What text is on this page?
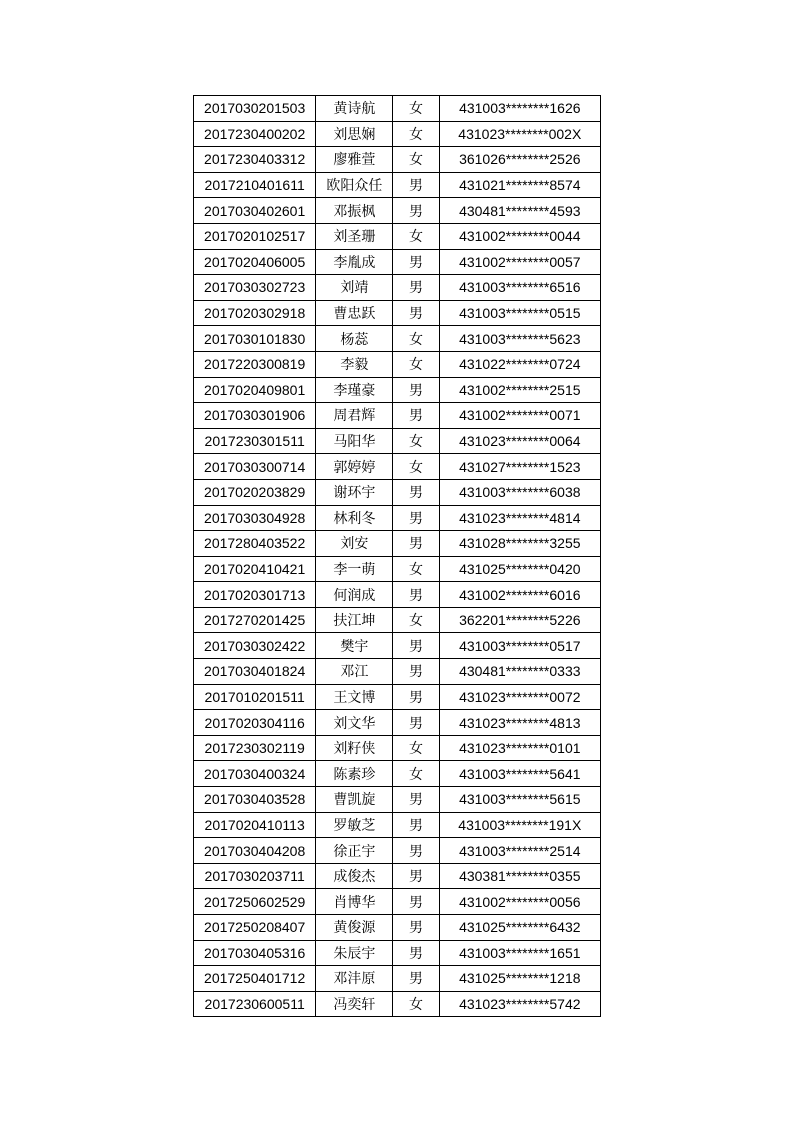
2017030201503	黄诗航	女	431003********1626
2017230400202	刘思娴	女	431023********002X
2017230403312	廖雅萱	女	361026********2526
2017210401611	欧阳众任	男	431021********8574
2017030402601	邓振枫	男	430481********4593
2017020102517	刘圣珊	女	431002********0044
2017020406005	李胤成	男	431002********0057
2017030302723	刘靖	男	431003********6516
2017020302918	曹忠跃	男	431003********0515
2017030101830	杨蕊	女	431003********5623
2017220300819	李毅	女	431022********0724
2017020409801	李瑾豪	男	431002********2515
2017030301906	周君辉	男	431002********0071
2017230301511	马阳华	女	431023********0064
2017030300714	郭婷婷	女	431027********1523
2017020203829	谢环宇	男	431003********6038
2017030304928	林利冬	男	431023********4814
2017280403522	刘安	男	431028********3255
2017020410421	李一萌	女	431025********0420
2017020301713	何润成	男	431002********6016
2017270201425	扶江坤	女	362201********5226
2017030302422	樊宇	男	431003********0517
2017030401824	邓江	男	430481********0333
2017010201511	王文博	男	431023********0072
2017020304116	刘文华	男	431023********4813
2017230302119	刘籽侠	女	431023********0101
2017030400324	陈素珍	女	431003********5641
2017030403528	曹凯旋	男	431003********5615
2017020410113	罗敏芝	男	431003********191X
2017030404208	徐正宇	男	431003********2514
2017030203711	成俊杰	男	430381********0355
2017250602529	肖博华	男	431002********0056
2017250208407	黄俊源	男	431025********6432
2017030405316	朱辰宇	男	431003********1651
2017250401712	邓沣原	男	431025********1218
2017230600511	冯奕轩	女	431023********5742
